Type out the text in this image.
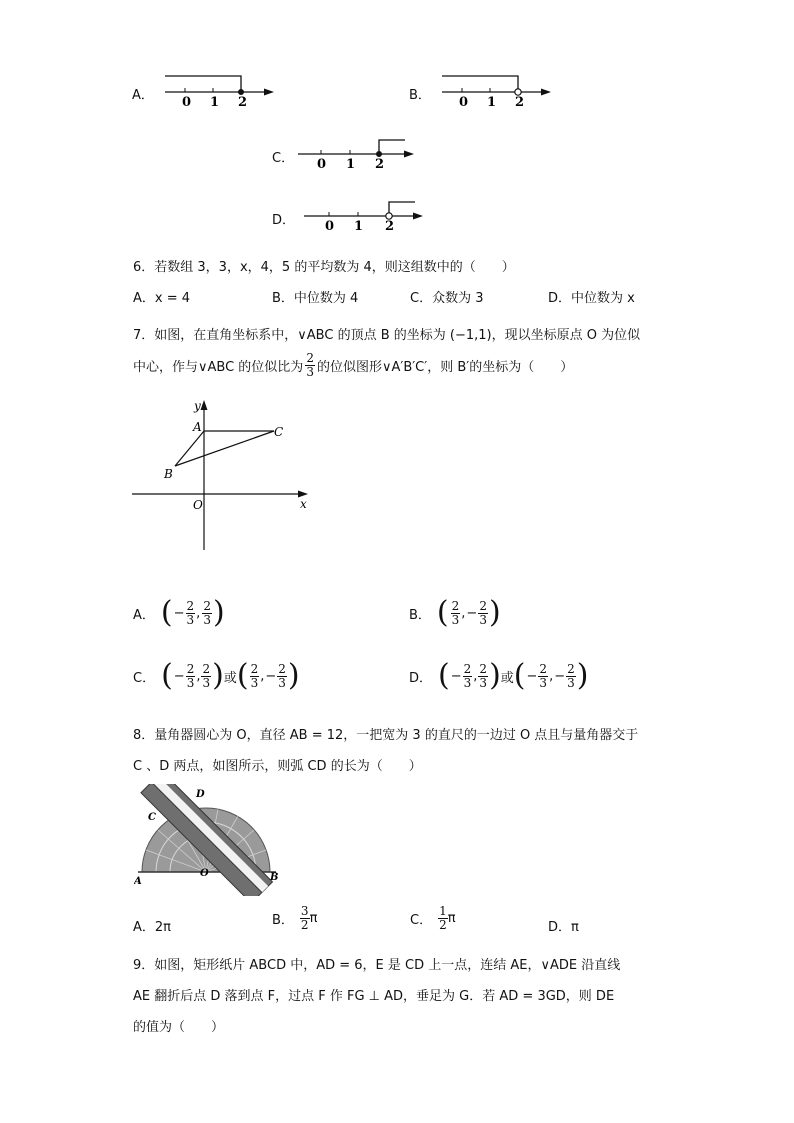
A． 0 1 2	B． 0 1 2
C． 0 1 2
D． 0 1 2
6．若数组 3，3，x，4，5 的平均数为 4，则这组数中的（　　）
A．x = 4	B．中位数为 4	C．众数为 3	D．中位数为 x
7．如图，在直角坐标系中，∨ABC 的顶点 B 的坐标为 (−1,1)，现以坐标原点 O 为位似
中心，作与∨ABC 的位似比为 $\frac{2}{3}$ 的位似图形∨A′B′C′，则 B′的坐标为（　　）
y
x
A
B
C
O
A． ( − $\frac{2}{3}$ , $\frac{2}{3}$ )	B． ( $\frac{2}{3}$ , − $\frac{2}{3}$ )
C． ( − $\frac{2}{3}$ , $\frac{2}{3}$ ) 或 ( $\frac{2}{3}$ , − $\frac{2}{3}$ )	D． ( − $\frac{2}{3}$ , $\frac{2}{3}$ ) 或 ( − $\frac{2}{3}$ , − $\frac{2}{3}$ )
8．量角器圆心为 O，直径 AB = 12，一把宽为 3 的直尺的一边过 O 点且与量角器交于
C 、D 两点，如图所示，则弧 CD 的长为（　　）
A	B
C
D
O
A．2π	B． $\frac{3}{2}$ π	C． $\frac{1}{2}$ π
D．π
9．如图，矩形纸片 ABCD 中，AD = 6，E 是 CD 上一点，连结 AE，∨ADE 沿直线
AE 翻折后点 D 落到点 F，过点 F 作 FG ⊥ AD，垂足为 G．若 AD = 3GD，则 DE
的值为（　　）
